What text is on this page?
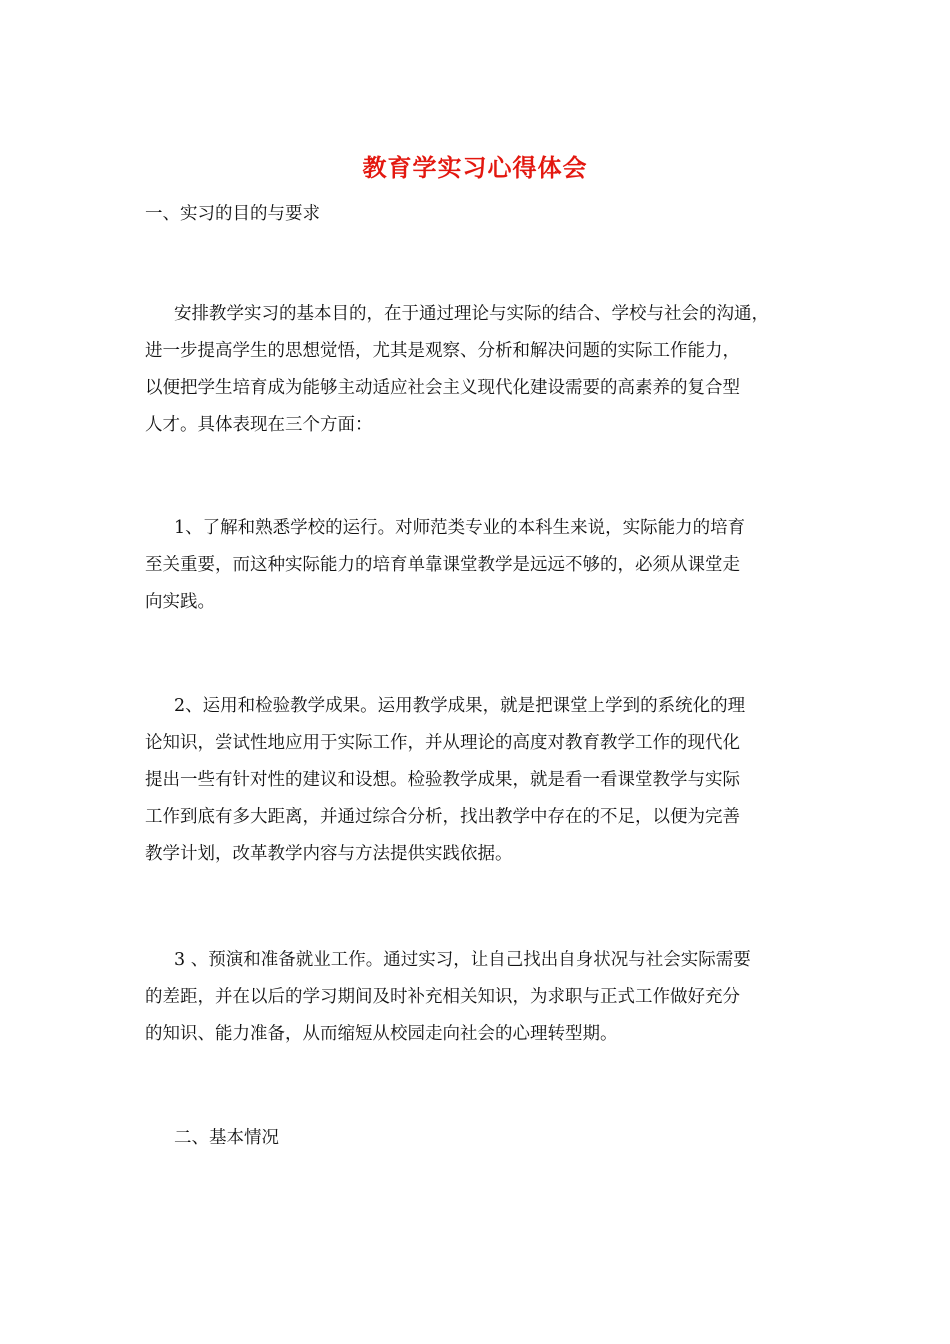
教育学实习心得体会
一、实习的目的与要求
安排教学实习的基本目的，在于通过理论与实际的结合、学校与社会的沟通，
进一步提高学生的思想觉悟，尤其是观察、分析和解决问题的实际工作能力，
以便把学生培育成为能够主动适应社会主义现代化建设需要的高素养的复合型
人才。具体表现在三个方面：
1、了解和熟悉学校的运行。对师范类专业的本科生来说，实际能力的培育
至关重要，而这种实际能力的培育单靠课堂教学是远远不够的，必须从课堂走
向实践。
2、运用和检验教学成果。运用教学成果，就是把课堂上学到的系统化的理
论知识，尝试性地应用于实际工作，并从理论的高度对教育教学工作的现代化
提出一些有针对性的建议和设想。检验教学成果，就是看一看课堂教学与实际
工作到底有多大距离，并通过综合分析，找出教学中存在的不足，以便为完善
教学计划，改革教学内容与方法提供实践依据。
3 、预演和准备就业工作。通过实习，让自己找出自身状况与社会实际需要
的差距，并在以后的学习期间及时补充相关知识，为求职与正式工作做好充分
的知识、能力准备，从而缩短从校园走向社会的心理转型期。
二、基本情况
